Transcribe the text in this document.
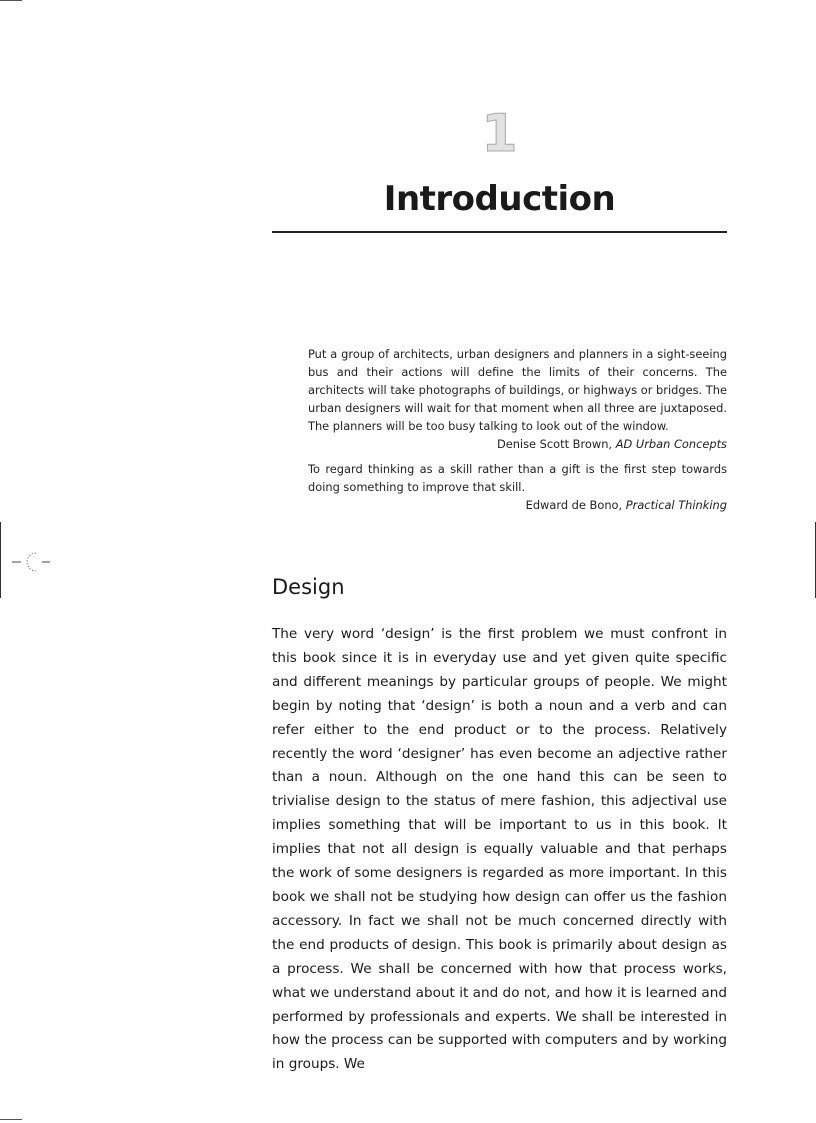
1
Introduction

Put a group of architects, urban designers and planners in a sight-seeing bus and their actions will define the limits of their concerns. The architects will take photographs of buildings, or highways or bridges. The urban designers will wait for that moment when all three are juxtaposed. The planners will be too busy talking to look out of the window.

Denise Scott Brown, AD Urban Concepts

To regard thinking as a skill rather than a gift is the first step towards doing something to improve that skill.

Edward de Bono, Practical Thinking

Design

The very word ‘design’ is the first problem we must confront in this book since it is in everyday use and yet given quite specific and different meanings by particular groups of people. We might begin by noting that ‘design’ is both a noun and a verb and can refer either to the end product or to the process. Relatively recently the word ‘designer’ has even become an adjective rather than a noun. Although on the one hand this can be seen to trivialise design to the status of mere fashion, this adjectival use implies something that will be important to us in this book. It implies that not all design is equally valuable and that perhaps the work of some designers is regarded as more important. In this book we shall not be studying how design can offer us the fashion accessory. In fact we shall not be much concerned directly with the end products of design. This book is primarily about design as a process. We shall be concerned with how that process works, what we understand about it and do not, and how it is learned and performed by professionals and experts. We shall be interested in how the process can be supported with computers and by working in groups. We
